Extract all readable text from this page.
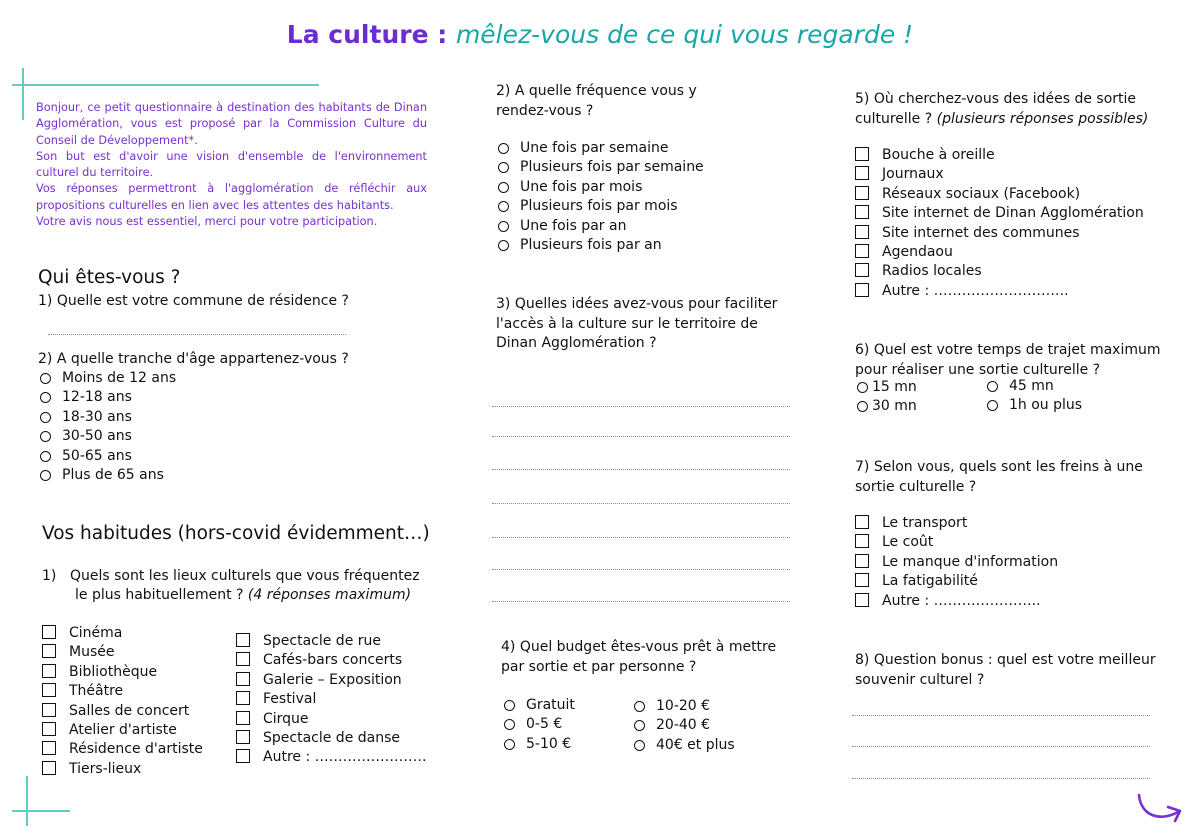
La culture : mêlez-vous de ce qui vous regarde !

Bonjour, ce petit questionnaire à destination des habitants de Dinan Agglomération, vous est proposé par la Commission Culture du Conseil de Développement*.

Son but est d'avoir une vision d'ensemble de l'environnement culturel du territoire.

Vos réponses permettront à l'agglomération de réfléchir aux propositions culturelles en lien avec les attentes des habitants.

Votre avis nous est essentiel, merci pour votre participation.

Qui êtes-vous ?
1) Quelle est votre commune de résidence ?
2) A quelle tranche d'âge appartenez-vous ?
Moins de 12 ans
12-18 ans
18-30 ans
30-50 ans
50-65 ans
Plus de 65 ans
Vos habitudes (hors-covid évidemment…)
1) Quels sont les lieux culturels que vous fréquentez
le plus habituellement ? (4 réponses maximum)
Cinéma
Musée
Bibliothèque
Théâtre
Salles de concert
Atelier d'artiste
Résidence d'artiste
Tiers-lieux
Spectacle de rue
Cafés-bars concerts
Galerie – Exposition
Festival
Cirque
Spectacle de danse
Autre : ……………………
2) A quelle fréquence vous y rendez-vous ?
Une fois par semaine
Plusieurs fois par semaine
Une fois par mois
Plusieurs fois par mois
Une fois par an
Plusieurs fois par an
3) Quelles idées avez-vous pour faciliter l'accès à la culture sur le territoire de Dinan Agglomération ?
4) Quel budget êtes-vous prêt à mettre par sortie et par personne ?
Gratuit
0-5 €
5-10 €
10-20 €
20-40 €
40€ et plus
5) Où cherchez-vous des idées de sortie culturelle ? (plusieurs réponses possibles)
Bouche à oreille
Journaux
Réseaux sociaux (Facebook)
Site internet de Dinan Agglomération
Site internet des communes
Agendaou
Radios locales
Autre : ………………………..
6) Quel est votre temps de trajet maximum pour réaliser une sortie culturelle ?
15 mn
30 mn
45 mn
1h ou plus
7) Selon vous, quels sont les freins à une sortie culturelle ?
Le transport
Le coût
Le manque d'information
La fatigabilité
Autre : …………………..
8) Question bonus : quel est votre meilleur souvenir culturel ?
